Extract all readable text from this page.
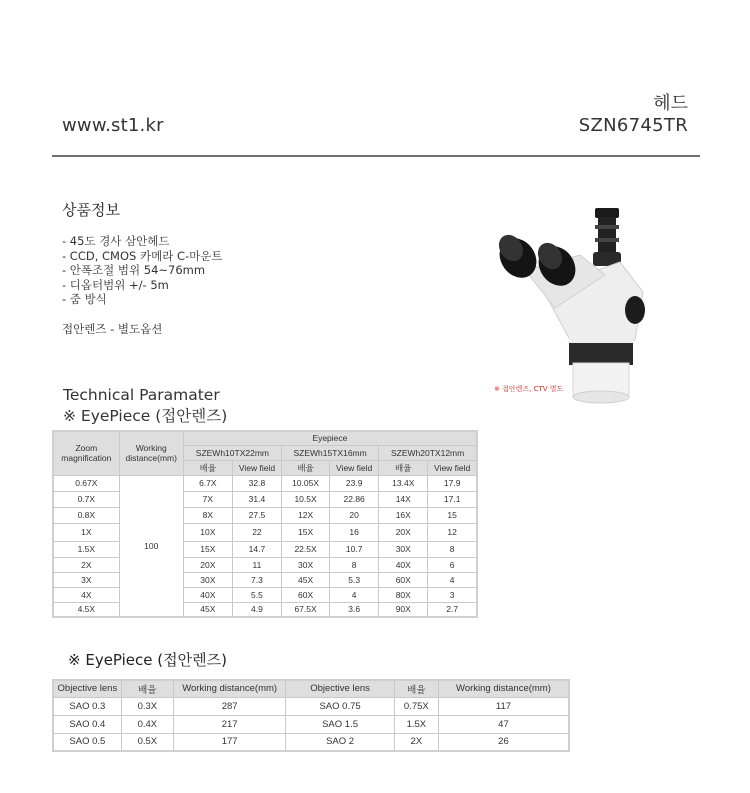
www.st1.kr
헤드
SZN6745TR
상품정보
- 45도 경사 삼안헤드
- CCD, CMOS 카메라 C-마운트
- 안폭조절 범위 54~76mm
- 디옵터범위 +/- 5m
- 줌 방식
접안렌즈 - 별도옵션
※ 접안렌즈, CTV 별도
Technical Paramater
※ EyePiece (접안렌즈)
Zoom magnification	Working distance(mm)	Eyepiece					
		SZEWh10TX22mm		SZEWh15TX16mm		SZEWh20TX12mm	
		배율	View field	배율	View field	배율	View field
0.67X	100	6.7X	32.8	10.05X	23.9	13.4X	17.9
0.7X		7X	31.4	10.5X	22.86	14X	17.1
0.8X		8X	27.5	12X	20	16X	15
1X		10X	22	15X	16	20X	12
1.5X		15X	14.7	22.5X	10.7	30X	8
2X		20X	11	30X	8	40X	6
3X		30X	7.3	45X	5.3	60X	4
4X		40X	5.5	60X	4	80X	3
4.5X		45X	4.9	67.5X	3.6	90X	2.7
※ EyePiece (접안렌즈)
Objective lens	배율	Working distance(mm)	Objective lens	배율	Working distance(mm)
SAO 0.3	0.3X	287	SAO 0.75	0.75X	117
SAO 0.4	0.4X	217	SAO 1.5	1.5X	47
SAO 0.5	0.5X	177	SAO 2	2X	26
